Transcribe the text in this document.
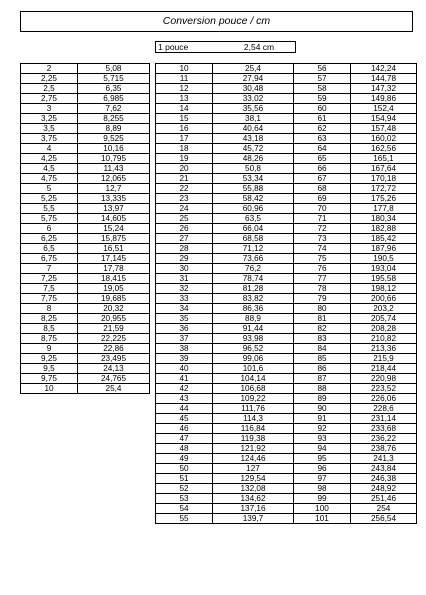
Conversion pouce / cm
1 pouce	2,54 cm
2	5,08
2,25	5,715
2,5	6,35
2,75	6,985
3	7,62
3,25	8,255
3,5	8,89
3,75	9,525
4	10,16
4,25	10,795
4,5	11,43
4,75	12,065
5	12,7
5,25	13,335
5,5	13,97
5,75	14,605
6	15,24
6,25	15,875
6,5	16,51
6,75	17,145
7	17,78
7,25	18,415
7,5	19,05
7,75	19,685
8	20,32
8,25	20,955
8,5	21,59
8,75	22,225
9	22,86
9,25	23,495
9,5	24,13
9,75	24,765
10	25,4
10	25,4
11	27,94
12	30,48
13	33,02
14	35,56
15	38,1
16	40,64
17	43,18
18	45,72
19	48,26
20	50,8
21	53,34
22	55,88
23	58,42
24	60,96
25	63,5
26	66,04
27	68,58
28	71,12
29	73,66
30	76,2
31	78,74
32	81,28
33	83,82
34	86,36
35	88,9
36	91,44
37	93,98
38	96,52
39	99,06
40	101,6
41	104,14
42	106,68
43	109,22
44	111,76
45	114,3
46	116,84
47	119,38
48	121,92
49	124,46
50	127
51	129,54
52	132,08
53	134,62
54	137,16
55	139,7
56	142,24
57	144,78
58	147,32
59	149,86
60	152,4
61	154,94
62	157,48
63	160,02
64	162,56
65	165,1
66	167,64
67	170,18
68	172,72
69	175,26
70	177,8
71	180,34
72	182,88
73	185,42
74	187,96
75	190,5
76	193,04
77	195,58
78	198,12
79	200,66
80	203,2
81	205,74
82	208,28
83	210,82
84	213,36
85	215,9
86	218,44
87	220,98
88	223,52
89	226,06
90	228,6
91	231,14
92	233,68
93	236,22
94	238,76
95	241,3
96	243,84
97	246,38
98	248,92
99	251,46
100	254
101	256,54
